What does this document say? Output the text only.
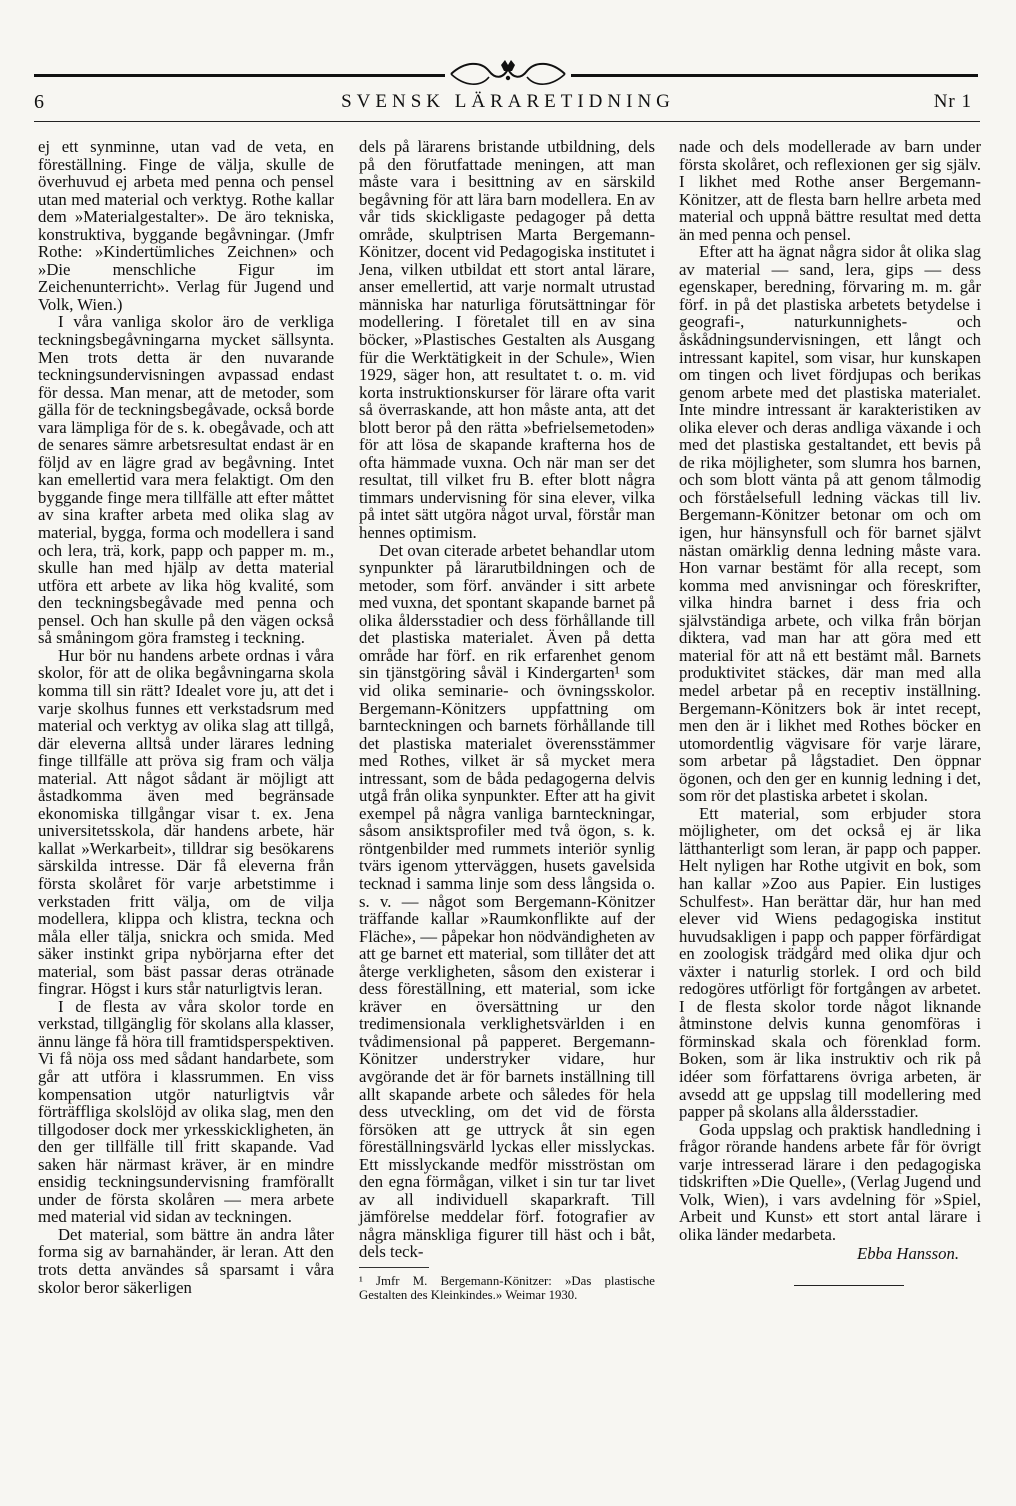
6	SVENSK LÄRARETIDNING	Nr 1

ej ett synminne, utan vad de veta, en föreställning. Finge de välja, skulle de överhuvud ej arbeta med penna och pensel utan med material och verktyg. Rothe kallar dem »Materialgestalter». De äro tekniska, konstruktiva, byggande begåvningar. (Jmfr Rothe: »Kindertümliches Zeichnen» och »Die menschliche Figur im Zeichenunterricht». Verlag für Jugend und Volk, Wien.)

I våra vanliga skolor äro de verkliga teckningsbegåvningarna mycket sällsynta. Men trots detta är den nuvarande teckningsundervisningen avpassad endast för dessa. Man menar, att de metoder, som gälla för de teckningsbegåvade, också borde vara lämpliga för de s. k. obegåvade, och att de senares sämre arbetsresultat endast är en följd av en lägre grad av begåvning. Intet kan emellertid vara mera felaktigt. Om den byggande finge mera tillfälle att efter måttet av sina krafter arbeta med olika slag av material, bygga, forma och modellera i sand och lera, trä, kork, papp och papper m. m., skulle han med hjälp av detta material utföra ett arbete av lika hög kvalité, som den teckningsbegåvade med penna och pensel. Och han skulle på den vägen också så småningom göra framsteg i teckning.

Hur bör nu handens arbete ordnas i våra skolor, för att de olika begåvningarna skola komma till sin rätt? Idealet vore ju, att det i varje skolhus funnes ett verkstadsrum med material och verktyg av olika slag att tillgå, där eleverna alltså under lärares ledning finge tillfälle att pröva sig fram och välja material. Att något sådant är möjligt att åstadkomma även med begränsade ekonomiska tillgångar visar t. ex. Jena universitetsskola, där handens arbete, här kallat »Werkarbeit», tilldrar sig besökarens särskilda intresse. Där få eleverna från första skolåret för varje arbetstimme i verkstaden fritt välja, om de vilja modellera, klippa och klistra, teckna och måla eller tälja, snickra och smida. Med säker instinkt gripa nybörjarna efter det material, som bäst passar deras otränade fingrar. Högst i kurs står naturligtvis leran.

I de flesta av våra skolor torde en verkstad, tillgänglig för skolans alla klasser, ännu länge få höra till framtidsperspektiven. Vi få nöja oss med sådant handarbete, som går att utföra i klassrummen. En viss kompensation utgör naturligtvis vår förträffliga skolslöjd av olika slag, men den tillgodoser dock mer yrkesskickligheten, än den ger tillfälle till fritt skapande. Vad saken här närmast kräver, är en mindre ensidig teckningsundervisning framförallt under de första skolåren — mera arbete med material vid sidan av teckningen.

Det material, som bättre än andra låter forma sig av barnahänder, är leran. Att den trots detta användes så sparsamt i våra skolor beror säkerligen

dels på lärarens bristande utbildning, dels på den förutfattade meningen, att man måste vara i besittning av en särskild begåvning för att lära barn modellera. En av vår tids skickligaste pedagoger på detta område, skulptrisen Marta Bergemann-Könitzer, docent vid Pedagogiska institutet i Jena, vilken utbildat ett stort antal lärare, anser emellertid, att varje normalt utrustad människa har naturliga förutsättningar för modellering. I företalet till en av sina böcker, »Plastisches Gestalten als Ausgang für die Werktätigkeit in der Schule», Wien 1929, säger hon, att resultatet t. o. m. vid korta instruktionskurser för lärare ofta varit så överraskande, att hon måste anta, att det blott beror på den rätta »befrielsemetoden» för att lösa de skapande krafterna hos de ofta hämmade vuxna. Och när man ser det resultat, till vilket fru B. efter blott några timmars undervisning för sina elever, vilka på intet sätt utgöra något urval, förstår man hennes optimism.

Det ovan citerade arbetet behandlar utom synpunkter på lärarutbildningen och de metoder, som förf. använder i sitt arbete med vuxna, det spontant skapande barnet på olika åldersstadier och dess förhållande till det plastiska materialet. Även på detta område har förf. en rik erfarenhet genom sin tjänstgöring såväl i Kindergarten¹ som vid olika seminarie- och övningsskolor. Bergemann-Könitzers uppfattning om barnteckningen och barnets förhållande till det plastiska materialet överensstämmer med Rothes, vilket är så mycket mera intressant, som de båda pedagogerna delvis utgå från olika synpunkter. Efter att ha givit exempel på några vanliga barnteckningar, såsom ansiktsprofiler med två ögon, s. k. röntgenbilder med rummets interiör synlig tvärs igenom ytterväggen, husets gavelsida tecknad i samma linje som dess långsida o. s. v. — något som Bergemann-Könitzer träffande kallar »Raumkonflikte auf der Fläche», — påpekar hon nödvändigheten av att ge barnet ett material, som tillåter det att återge verkligheten, såsom den existerar i dess föreställning, ett material, som icke kräver en översättning ur den tredimensionala verklighetsvärlden i en tvådimensional på papperet. Bergemann-Könitzer understryker vidare, hur avgörande det är för barnets inställning till allt skapande arbete och således för hela dess utveckling, om det vid de första försöken att ge uttryck åt sin egen föreställningsvärld lyckas eller misslyckas. Ett misslyckande medför misströstan om den egna förmågan, vilket i sin tur tar livet av all individuell skaparkraft. Till jämförelse meddelar förf. fotografier av några mänskliga figurer till häst och i båt, dels teck-

¹ Jmfr M. Bergemann-Könitzer: »Das plastische Gestalten des Kleinkindes.» Weimar 1930.

nade och dels modellerade av barn under första skolåret, och reflexionen ger sig själv. I likhet med Rothe anser Bergemann-Könitzer, att de flesta barn hellre arbeta med material och uppnå bättre resultat med detta än med penna och pensel.

Efter att ha ägnat några sidor åt olika slag av material — sand, lera, gips — dess egenskaper, beredning, förvaring m. m. går förf. in på det plastiska arbetets betydelse i geografi-, naturkunnighets- och åskådningsundervisningen, ett långt och intressant kapitel, som visar, hur kunskapen om tingen och livet fördjupas och berikas genom arbete med det plastiska materialet. Inte mindre intressant är karakteristiken av olika elever och deras andliga växande i och med det plastiska gestaltandet, ett bevis på de rika möjligheter, som slumra hos barnen, och som blott vänta på att genom tålmodig och förståelsefull ledning väckas till liv. Bergemann-Könitzer betonar om och om igen, hur hänsynsfull och för barnet självt nästan omärklig denna ledning måste vara. Hon varnar bestämt för alla recept, som komma med anvisningar och föreskrifter, vilka hindra barnet i dess fria och självständiga arbete, och vilka från början diktera, vad man har att göra med ett material för att nå ett bestämt mål. Barnets produktivitet stäckes, där man med alla medel arbetar på en receptiv inställning. Bergemann-Könitzers bok är intet recept, men den är i likhet med Rothes böcker en utomordentlig vägvisare för varje lärare, som arbetar på lågstadiet. Den öppnar ögonen, och den ger en kunnig ledning i det, som rör det plastiska arbetet i skolan.

Ett material, som erbjuder stora möjligheter, om det också ej är lika lätthanterligt som leran, är papp och papper. Helt nyligen har Rothe utgivit en bok, som han kallar »Zoo aus Papier. Ein lustiges Schulfest». Han berättar där, hur han med elever vid Wiens pedagogiska institut huvudsakligen i papp och papper förfärdigat en zoologisk trädgård med olika djur och växter i naturlig storlek. I ord och bild redogöres utförligt för fortgången av arbetet. I de flesta skolor torde något liknande åtminstone delvis kunna genomföras i förminskad skala och förenklad form. Boken, som är lika instruktiv och rik på idéer som författarens övriga arbeten, är avsedd att ge uppslag till modellering med papper på skolans alla åldersstadier.

Goda uppslag och praktisk handledning i frågor rörande handens arbete får för övrigt varje intresserad lärare i den pedagogiska tidskriften »Die Quelle», (Verlag Jugend und Volk, Wien), i vars avdelning för »Spiel, Arbeit und Kunst» ett stort antal lärare i olika länder medarbeta.

Ebba Hansson.
